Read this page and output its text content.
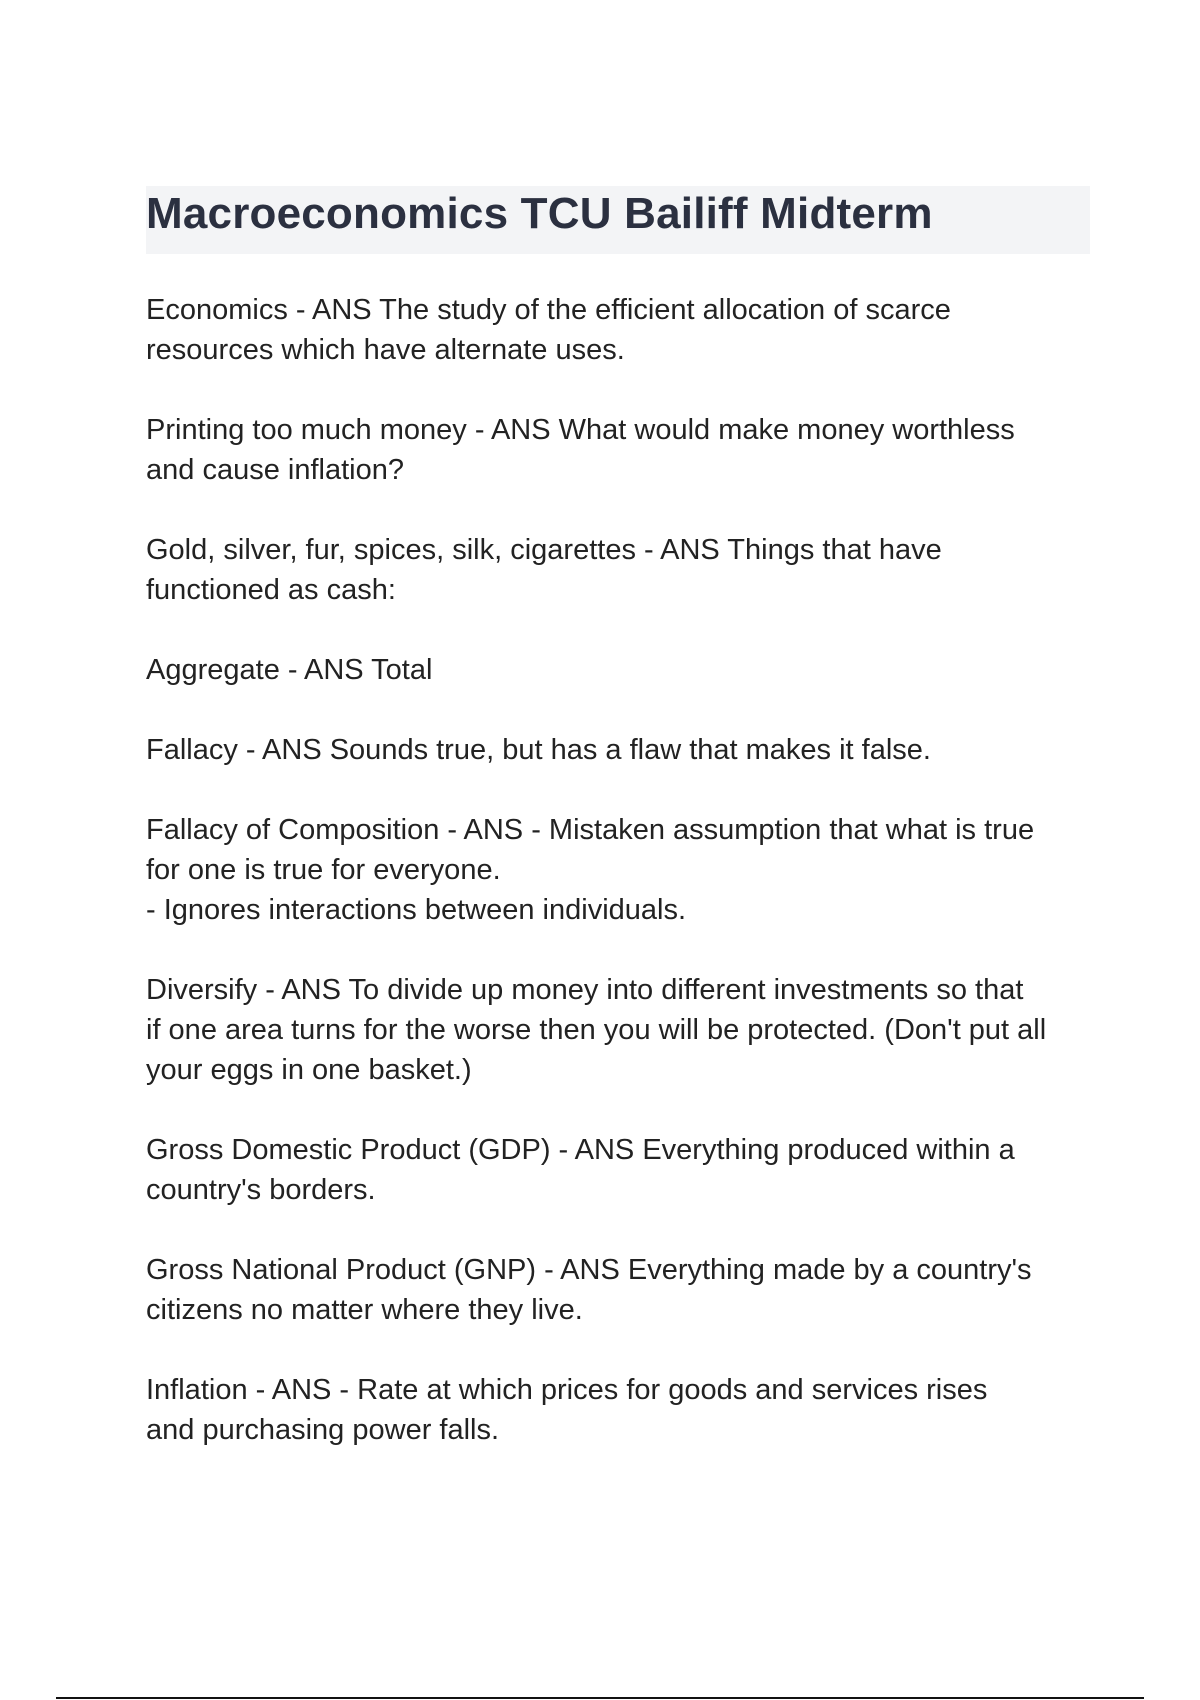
Macroeconomics TCU Bailiff Midterm
Economics - ANS The study of the efficient allocation of scarce
resources which have alternate uses.
Printing too much money - ANS What would make money worthless
and cause inflation?
Gold, silver, fur, spices, silk, cigarettes - ANS Things that have
functioned as cash:
Aggregate - ANS Total
Fallacy - ANS Sounds true, but has a flaw that makes it false.
Fallacy of Composition - ANS - Mistaken assumption that what is true
for one is true for everyone.
- Ignores interactions between individuals.
Diversify - ANS To divide up money into different investments so that
if one area turns for the worse then you will be protected. (Don't put all
your eggs in one basket.)
Gross Domestic Product (GDP) - ANS Everything produced within a
country's borders.
Gross National Product (GNP) - ANS Everything made by a country's
citizens no matter where they live.
Inflation - ANS - Rate at which prices for goods and services rises
and purchasing power falls.
